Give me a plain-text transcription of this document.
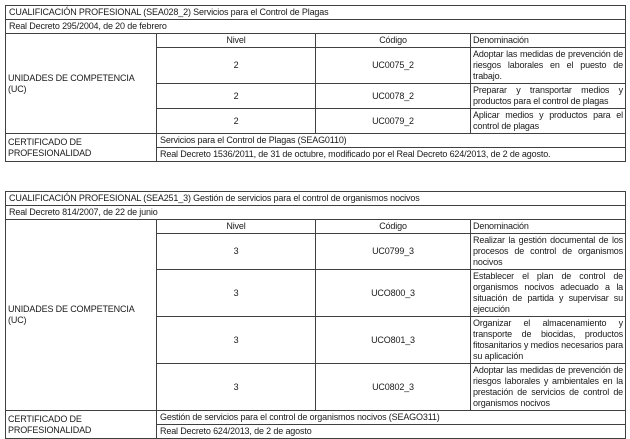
CUALIFICACIÓN PROFESIONAL (SEA028_2) Servicios para el Control de Plagas			
Real Decreto 295/2004, de 20 de febrero			
UNIDADES DE COMPETENCIA (UC)	Nivel	Código	Denominación
	2	UC0075_2	Adoptar las medidas de prevención de riesgos laborales en el puesto de trabajo.
	2	UC0078_2	Preparar y transportar medios y productos para el control de plagas
	2	UC0079_2	Aplicar medios y productos para el control de plagas
CERTIFICADO DE PROFESIONALIDAD	Servicios para el Control de Plagas (SEAG0110)		
	Real Decreto 1536/2011, de 31 de octubre, modificado por el Real Decreto 624/2013, de 2 de agosto.		
CUALIFICACIÓN PROFESIONAL (SEA251_3) Gestión de servicios para el control de organismos nocivos			
Real Decreto 814/2007, de 22 de junio			
UNIDADES DE COMPETENCIA (UC)	Nivel	Código	Denominación
	3	UC0799_3	Realizar la gestión documental de los procesos de control de organismos nocivos
	3	UCO800_3	Establecer el plan de control de organismos nocivos adecuado a la situación de partida y supervisar su ejecución
	3	UCO801_3	Organizar el almacenamiento y transporte de biocidas, productos fitosanitarios y medios necesarios para su aplicación
	3	UC0802_3	Adoptar las medidas de prevención de riesgos laborales y ambientales en la prestación de servicios de control de organismos nocivos
CERTIFICADO DE PROFESIONALIDAD	Gestión de servicios para el control de organismos nocivos (SEAGO311)		
	Real Decreto 624/2013, de 2 de agosto		
